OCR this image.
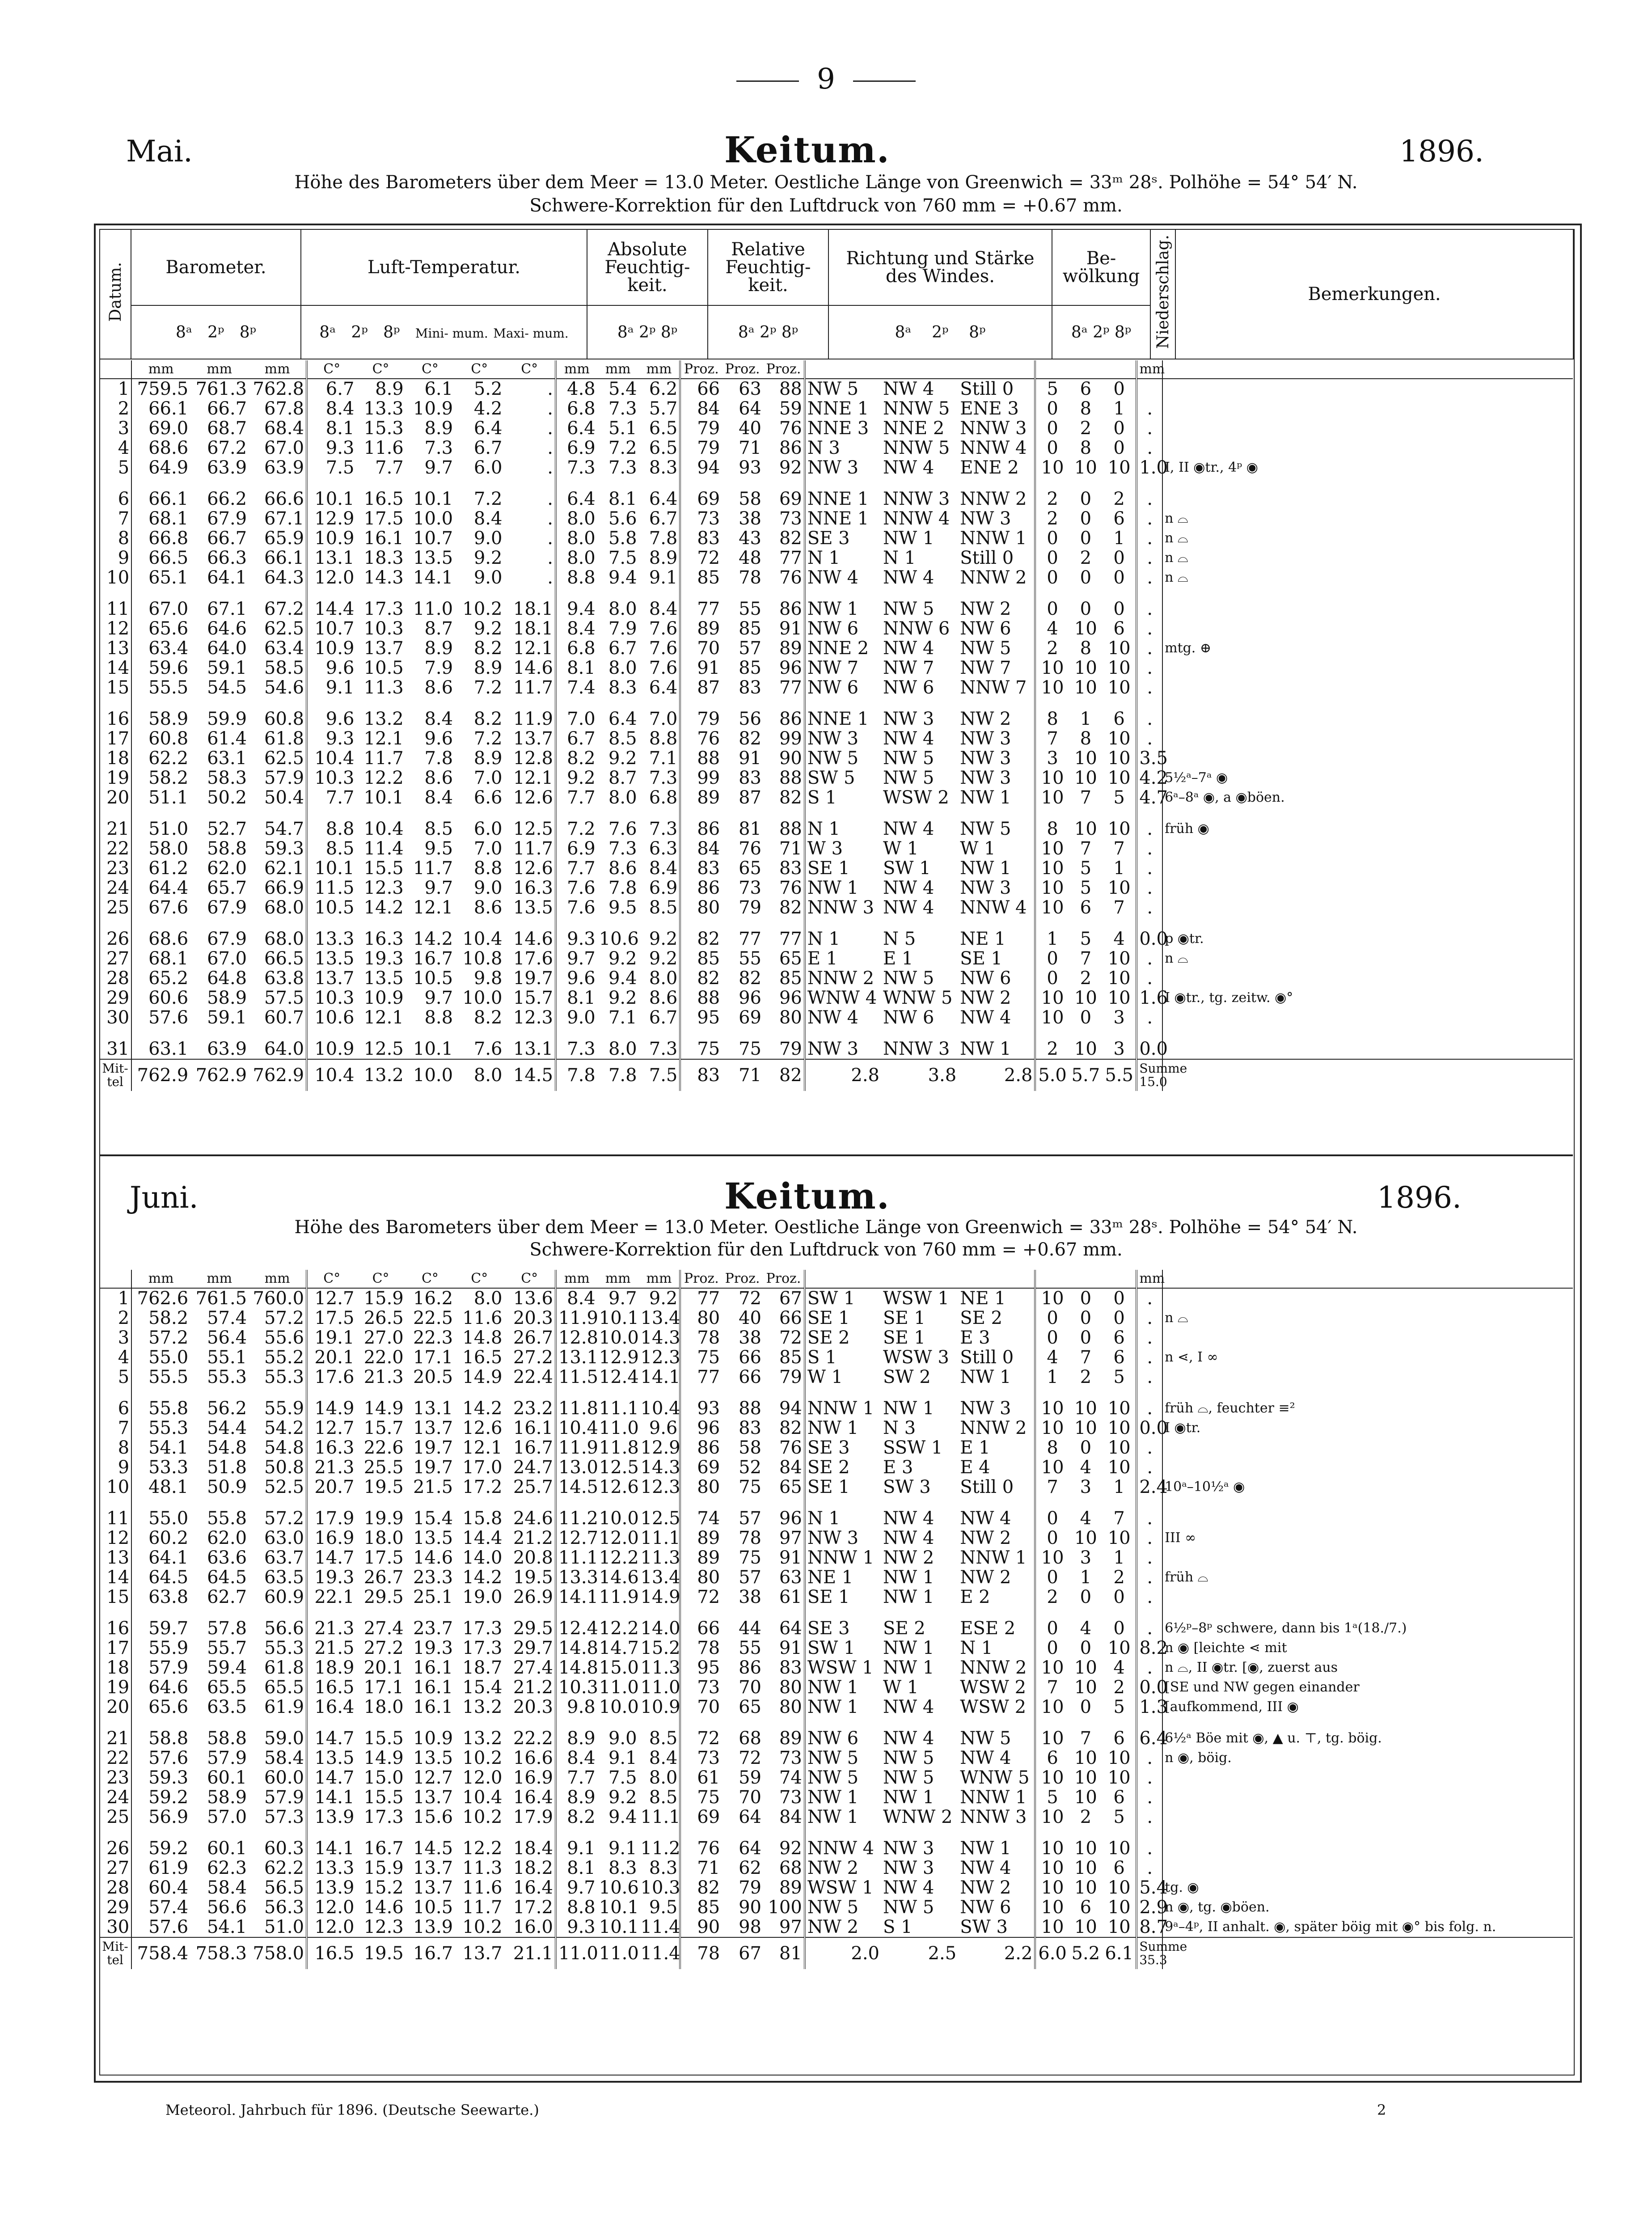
9
Mai.	Keitum.	1896.
Höhe des Barometers über dem Meer = 13.0 Meter. Oestliche Länge von Greenwich = 33ᵐ 28ˢ. Polhöhe = 54° 54′ N.
Schwere-Korrektion für den Luftdruck von 760 mm = +0.67 mm.
Datum.	Barometer.	Luft-Temperatur.	Absolute Feuchtig- keit.	Relative Feuchtig- keit.	Richtung und Stärke des Windes.	Be- wölkung	Niederschlag.	Bemerkungen.
	8ᵃ 2ᵖ 8ᵖ	8ᵃ 2ᵖ 8ᵖ Mini- mum. Maxi- mum.	8ᵃ 2ᵖ 8ᵖ	8ᵃ 2ᵖ 8ᵖ	8ᵃ 2ᵖ 8ᵖ	8ᵃ 2ᵖ 8ᵖ		
	mm	mm	mm	C°	C°	C°	C°	C°	mm	mm	mm	Proz.	Proz.	Proz.							mm	
1	759.5	761.3	762.8	6.7	8.9	6.1	5.2	.	4.8	5.4	6.2	66	63	88	NW 5	NW 4	Still 0	5	6	0		
2	66.1	66.7	67.8	8.4	13.3	10.9	4.2	.	6.8	7.3	5.7	84	64	59	NNE 1	NNW 5	ENE 3	0	8	1	.	
3	69.0	68.7	68.4	8.1	15.3	8.9	6.4	.	6.4	5.1	6.5	79	40	76	NNE 3	NNE 2	NNW 3	0	2	0	.	
4	68.6	67.2	67.0	9.3	11.6	7.3	6.7	.	6.9	7.2	6.5	79	71	86	N 3	NNW 5	NNW 4	0	8	0	.	
5	64.9	63.9	63.9	7.5	7.7	9.7	6.0	.	7.3	7.3	8.3	94	93	92	NW 3	NW 4	ENE 2	10	10	10	1.0	I, II ◉tr., 4ᵖ ◉

6	66.1	66.2	66.6	10.1	16.5	10.1	7.2	.	6.4	8.1	6.4	69	58	69	NNE 1	NNW 3	NNW 2	2	0	2	.	
7	68.1	67.9	67.1	12.9	17.5	10.0	8.4	.	8.0	5.6	6.7	73	38	73	NNE 1	NNW 4	NW 3	2	0	6	.	n ⌓
8	66.8	66.7	65.9	10.9	16.1	10.7	9.0	.	8.0	5.8	7.8	83	43	82	SE 3	NW 1	NNW 1	0	0	1	.	n ⌓
9	66.5	66.3	66.1	13.1	18.3	13.5	9.2	.	8.0	7.5	8.9	72	48	77	N 1	N 1	Still 0	0	2	0	.	n ⌓
10	65.1	64.1	64.3	12.0	14.3	14.1	9.0	.	8.8	9.4	9.1	85	78	76	NW 4	NW 4	NNW 2	0	0	0	.	n ⌓

11	67.0	67.1	67.2	14.4	17.3	11.0	10.2	18.1	9.4	8.0	8.4	77	55	86	NW 1	NW 5	NW 2	0	0	0	.	
12	65.6	64.6	62.5	10.7	10.3	8.7	9.2	18.1	8.4	7.9	7.6	89	85	91	NW 6	NNW 6	NW 6	4	10	6	.	
13	63.4	64.0	63.4	10.9	13.7	8.9	8.2	12.1	6.8	6.7	7.6	70	57	89	NNE 2	NW 4	NW 5	2	8	10	.	mtg. ⊕
14	59.6	59.1	58.5	9.6	10.5	7.9	8.9	14.6	8.1	8.0	7.6	91	85	96	NW 7	NW 7	NW 7	10	10	10	.	
15	55.5	54.5	54.6	9.1	11.3	8.6	7.2	11.7	7.4	8.3	6.4	87	83	77	NW 6	NW 6	NNW 7	10	10	10	.	

16	58.9	59.9	60.8	9.6	13.2	8.4	8.2	11.9	7.0	6.4	7.0	79	56	86	NNE 1	NW 3	NW 2	8	1	6	.	
17	60.8	61.4	61.8	9.3	12.1	9.6	7.2	13.7	6.7	8.5	8.8	76	82	99	NW 3	NW 4	NW 3	7	8	10	.	
18	62.2	63.1	62.5	10.4	11.7	7.8	8.9	12.8	8.2	9.2	7.1	88	91	90	NW 5	NW 5	NW 3	3	10	10	3.5	
19	58.2	58.3	57.9	10.3	12.2	8.6	7.0	12.1	9.2	8.7	7.3	99	83	88	SW 5	NW 5	NW 3	10	10	10	4.2	5½ᵃ–7ᵃ ◉
20	51.1	50.2	50.4	7.7	10.1	8.4	6.6	12.6	7.7	8.0	6.8	89	87	82	S 1	WSW 2	NW 1	10	7	5	4.7	6ᵃ–8ᵃ ◉, a ◉böen.

21	51.0	52.7	54.7	8.8	10.4	8.5	6.0	12.5	7.2	7.6	7.3	86	81	88	N 1	NW 4	NW 5	8	10	10	.	früh ◉
22	58.0	58.8	59.3	8.5	11.4	9.5	7.0	11.7	6.9	7.3	6.3	84	76	71	W 3	W 1	W 1	10	7	7	.	
23	61.2	62.0	62.1	10.1	15.5	11.7	8.8	12.6	7.7	8.6	8.4	83	65	83	SE 1	SW 1	NW 1	10	5	1	.	
24	64.4	65.7	66.9	11.5	12.3	9.7	9.0	16.3	7.6	7.8	6.9	86	73	76	NW 1	NW 4	NW 3	10	5	10	.	
25	67.6	67.9	68.0	10.5	14.2	12.1	8.6	13.5	7.6	9.5	8.5	80	79	82	NNW 3	NW 4	NNW 4	10	6	7	.	

26	68.6	67.9	68.0	13.3	16.3	14.2	10.4	14.6	9.3	10.6	9.2	82	77	77	N 1	N 5	NE 1	1	5	4	0.0	p ◉tr.
27	68.1	67.0	66.5	13.5	19.3	16.7	10.8	17.6	9.7	9.2	9.2	85	55	65	E 1	E 1	SE 1	0	7	10	.	n ⌓
28	65.2	64.8	63.8	13.7	13.5	10.5	9.8	19.7	9.6	9.4	8.0	82	82	85	NNW 2	NW 5	NW 6	0	2	10	.	
29	60.6	58.9	57.5	10.3	10.9	9.7	10.0	15.7	8.1	9.2	8.6	88	96	96	WNW 4	WNW 5	NW 2	10	10	10	1.6	I ◉tr., tg. zeitw. ◉°
30	57.6	59.1	60.7	10.6	12.1	8.8	8.2	12.3	9.0	7.1	6.7	95	69	80	NW 4	NW 6	NW 4	10	0	3	.	

31	63.1	63.9	64.0	10.9	12.5	10.1	7.6	13.1	7.3	8.0	7.3	75	75	79	NW 3	NNW 3	NW 1	2	10	3	0.0	
Mit- tel	762.9	762.9	762.9	10.4	13.2	10.0	8.0	14.5	7.8	7.8	7.5	83	71	82	2.8	3.8	2.8	5.0	5.7	5.5	Summe 15.0	
Juni.	Keitum.	1896.
Höhe des Barometers über dem Meer = 13.0 Meter. Oestliche Länge von Greenwich = 33ᵐ 28ˢ. Polhöhe = 54° 54′ N.
Schwere-Korrektion für den Luftdruck von 760 mm = +0.67 mm.
	mm	mm	mm	C°	C°	C°	C°	C°	mm	mm	mm	Proz.	Proz.	Proz.							mm	
1	762.6	761.5	760.0	12.7	15.9	16.2	8.0	13.6	8.4	9.7	9.2	77	72	67	SW 1	WSW 1	NE 1	10	0	0	.	
2	58.2	57.4	57.2	17.5	26.5	22.5	11.6	20.3	11.9	10.1	13.4	80	40	66	SE 1	SE 1	SE 2	0	0	0	.	n ⌓
3	57.2	56.4	55.6	19.1	27.0	22.3	14.8	26.7	12.8	10.0	14.3	78	38	72	SE 2	SE 1	E 3	0	0	6	.	
4	55.0	55.1	55.2	20.1	22.0	17.1	16.5	27.2	13.1	12.9	12.3	75	66	85	S 1	WSW 3	Still 0	4	7	6	.	n ⋖, I ∞
5	55.5	55.3	55.3	17.6	21.3	20.5	14.9	22.4	11.5	12.4	14.1	77	66	79	W 1	SW 2	NW 1	1	2	5	.	

6	55.8	56.2	55.9	14.9	14.9	13.1	14.2	23.2	11.8	11.1	10.4	93	88	94	NNW 1	NW 1	NW 3	10	10	10	.	früh ⌓, feuchter ≡²
7	55.3	54.4	54.2	12.7	15.7	13.7	12.6	16.1	10.4	11.0	9.6	96	83	82	NW 1	N 3	NNW 2	10	10	10	0.0	I ◉tr.
8	54.1	54.8	54.8	16.3	22.6	19.7	12.1	16.7	11.9	11.8	12.9	86	58	76	SE 3	SSW 1	E 1	8	0	10	.	
9	53.3	51.8	50.8	21.3	25.5	19.7	17.0	24.7	13.0	12.5	14.3	69	52	84	SE 2	E 3	E 4	10	4	10	.	
10	48.1	50.9	52.5	20.7	19.5	21.5	17.2	25.7	14.5	12.6	12.3	80	75	65	SE 1	SW 3	Still 0	7	3	1	2.4	10ᵃ–10½ᵃ ◉

11	55.0	55.8	57.2	17.9	19.9	15.4	15.8	24.6	11.2	10.0	12.5	74	57	96	N 1	NW 4	NW 4	0	4	7	.	
12	60.2	62.0	63.0	16.9	18.0	13.5	14.4	21.2	12.7	12.0	11.1	89	78	97	NW 3	NW 4	NW 2	0	10	10	.	III ∞
13	64.1	63.6	63.7	14.7	17.5	14.6	14.0	20.8	11.1	12.2	11.3	89	75	91	NNW 1	NW 2	NNW 1	10	3	1	.	
14	64.5	64.5	63.5	19.3	26.7	23.3	14.2	19.5	13.3	14.6	13.4	80	57	63	NE 1	NW 1	NW 2	0	1	2	.	früh ⌓
15	63.8	62.7	60.9	22.1	29.5	25.1	19.0	26.9	14.1	11.9	14.9	72	38	61	SE 1	NW 1	E 2	2	0	0	.	

16	59.7	57.8	56.6	21.3	27.4	23.7	17.3	29.5	12.4	12.2	14.0	66	44	64	SE 3	SE 2	ESE 2	0	4	0	.	6½ᵖ–8ᵖ schwere, dann bis 1ᵃ(18./7.)
17	55.9	55.7	55.3	21.5	27.2	19.3	17.3	29.7	14.8	14.7	15.2	78	55	91	SW 1	NW 1	N 1	0	0	10	8.2	n ◉ [leichte ⋖ mit
18	57.9	59.4	61.8	18.9	20.1	16.1	18.7	27.4	14.8	15.0	11.3	95	86	83	WSW 1	NW 1	NNW 2	10	10	4	.	n ⌓, II ◉tr. [◉, zuerst aus
19	64.6	65.5	65.5	16.5	17.1	16.1	15.4	21.2	10.3	11.0	11.0	73	70	80	NW 1	W 1	WSW 2	7	10	2	0.0	[SE und NW gegen einander
20	65.6	63.5	61.9	16.4	18.0	16.1	13.2	20.3	9.8	10.0	10.9	70	65	80	NW 1	NW 4	WSW 2	10	0	5	1.3	[aufkommend, III ◉

21	58.8	58.8	59.0	14.7	15.5	10.9	13.2	22.2	8.9	9.0	8.5	72	68	89	NW 6	NW 4	NW 5	10	7	6	6.4	6½ᵃ Böe mit ◉, ▲ u. ⊤, tg. böig.
22	57.6	57.9	58.4	13.5	14.9	13.5	10.2	16.6	8.4	9.1	8.4	73	72	73	NW 5	NW 5	NW 4	6	10	10	.	n ◉, böig.
23	59.3	60.1	60.0	14.7	15.0	12.7	12.0	16.9	7.7	7.5	8.0	61	59	74	NW 5	NW 5	WNW 5	10	10	10	.	
24	59.2	58.9	57.9	14.1	15.5	13.7	10.4	16.4	8.9	9.2	8.5	75	70	73	NW 1	NW 1	NNW 1	5	10	6	.	
25	56.9	57.0	57.3	13.9	17.3	15.6	10.2	17.9	8.2	9.4	11.1	69	64	84	NW 1	WNW 2	NNW 3	10	2	5	.	

26	59.2	60.1	60.3	14.1	16.7	14.5	12.2	18.4	9.1	9.1	11.2	76	64	92	NNW 4	NW 3	NW 1	10	10	10	.	
27	61.9	62.3	62.2	13.3	15.9	13.7	11.3	18.2	8.1	8.3	8.3	71	62	68	NW 2	NW 3	NW 4	10	10	6	.	
28	60.4	58.4	56.5	13.9	15.2	13.7	11.6	16.4	9.7	10.6	10.3	82	79	89	WSW 1	NW 4	NW 2	10	10	10	5.4	tg. ◉
29	57.4	56.6	56.3	12.0	14.6	10.5	11.7	17.2	8.8	10.1	9.5	85	90	100	NW 5	NW 5	NW 6	10	6	10	2.9	n ◉, tg. ◉böen.
30	57.6	54.1	51.0	12.0	12.3	13.9	10.2	16.0	9.3	10.1	11.4	90	98	97	NW 2	S 1	SW 3	10	10	10	8.7	9ᵃ–4ᵖ, II anhalt. ◉, später böig mit ◉° bis folg. n.
Mit- tel	758.4	758.3	758.0	16.5	19.5	16.7	13.7	21.1	11.0	11.0	11.4	78	67	81	2.0	2.5	2.2	6.0	5.2	6.1	Summe 35.3	
Meteorol. Jahrbuch für 1896. (Deutsche Seewarte.)	2
